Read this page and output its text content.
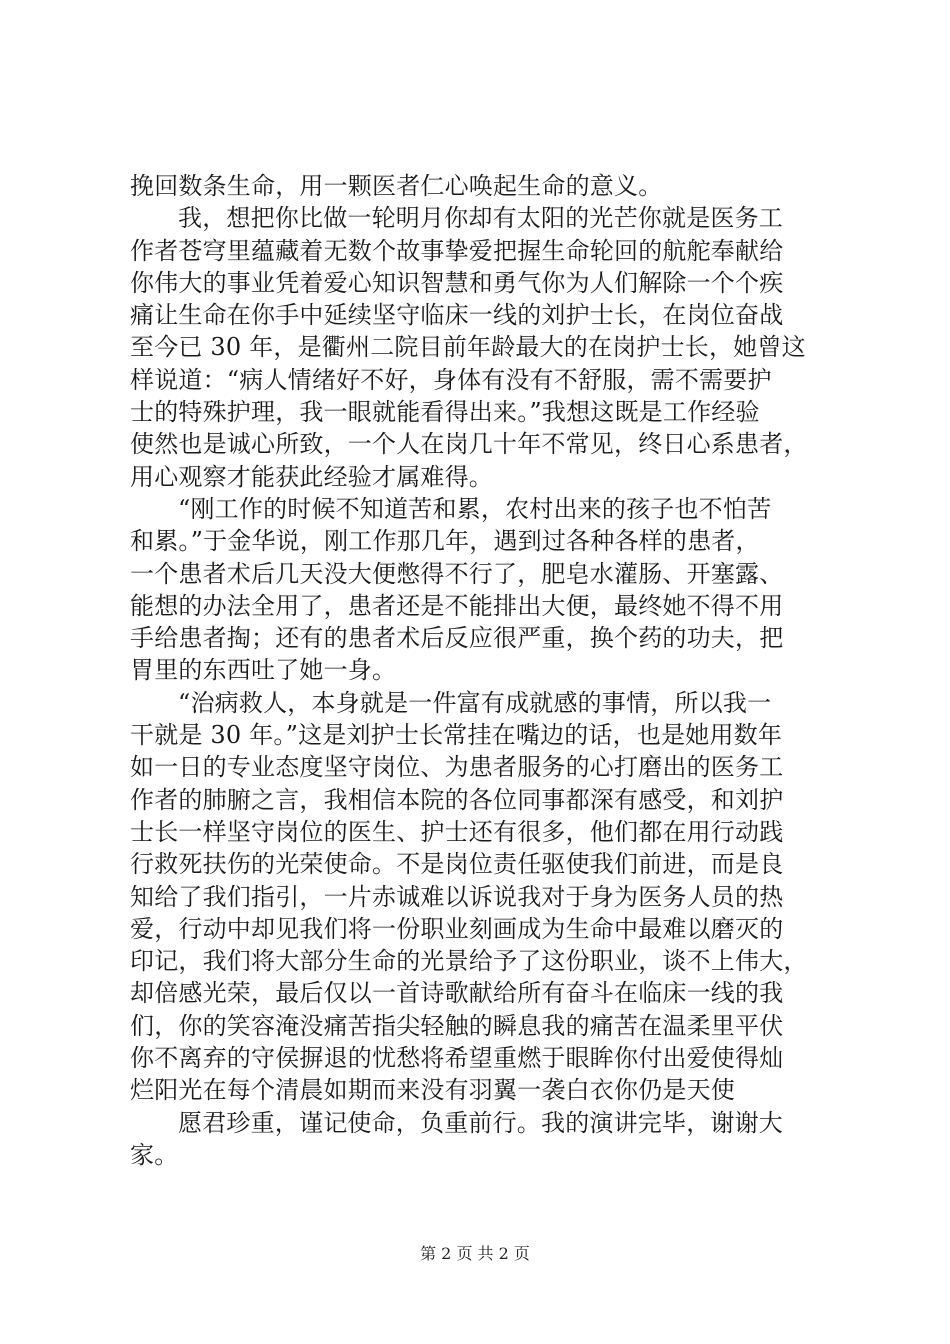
挽回数条生命，用一颗医者仁心唤起生命的意义。
我，想把你比做一轮明月你却有太阳的光芒你就是医务工
作者苍穹里蕴藏着无数个故事挚爱把握生命轮回的航舵奉献给
你伟大的事业凭着爱心知识智慧和勇气你为人们解除一个个疾
痛让生命在你手中延续坚守临床一线的刘护士长，在岗位奋战
至今已 30 年，是衢州二院目前年龄最大的在岗护士长，她曾这
样说道：“病人情绪好不好，身体有没有不舒服，需不需要护
士的特殊护理，我一眼就能看得出来。”我想这既是工作经验
使然也是诚心所致，一个人在岗几十年不常见，终日心系患者，
用心观察才能获此经验才属难得。
“刚工作的时候不知道苦和累，农村出来的孩子也不怕苦
和累。”于金华说，刚工作那几年，遇到过各种各样的患者，
一个患者术后几天没大便憋得不行了，肥皂水灌肠、开塞露、
能想的办法全用了，患者还是不能排出大便，最终她不得不用
手给患者掏；还有的患者术后反应很严重，换个药的功夫，把
胃里的东西吐了她一身。
“治病救人，本身就是一件富有成就感的事情，所以我一
干就是 30 年。”这是刘护士长常挂在嘴边的话，也是她用数年
如一日的专业态度坚守岗位、为患者服务的心打磨出的医务工
作者的肺腑之言，我相信本院的各位同事都深有感受，和刘护
士长一样坚守岗位的医生、护士还有很多，他们都在用行动践
行救死扶伤的光荣使命。不是岗位责任驱使我们前进，而是良
知给了我们指引，一片赤诚难以诉说我对于身为医务人员的热
爱，行动中却见我们将一份职业刻画成为生命中最难以磨灭的
印记，我们将大部分生命的光景给予了这份职业，谈不上伟大，
却倍感光荣，最后仅以一首诗歌献给所有奋斗在临床一线的我
们，你的笑容淹没痛苦指尖轻触的瞬息我的痛苦在温柔里平伏
你不离弃的守侯摒退的忧愁将希望重燃于眼眸你付出爱使得灿
烂阳光在每个清晨如期而来没有羽翼一袭白衣你仍是天使
愿君珍重，谨记使命，负重前行。我的演讲完毕，谢谢大
家。
第 2 页 共 2 页
